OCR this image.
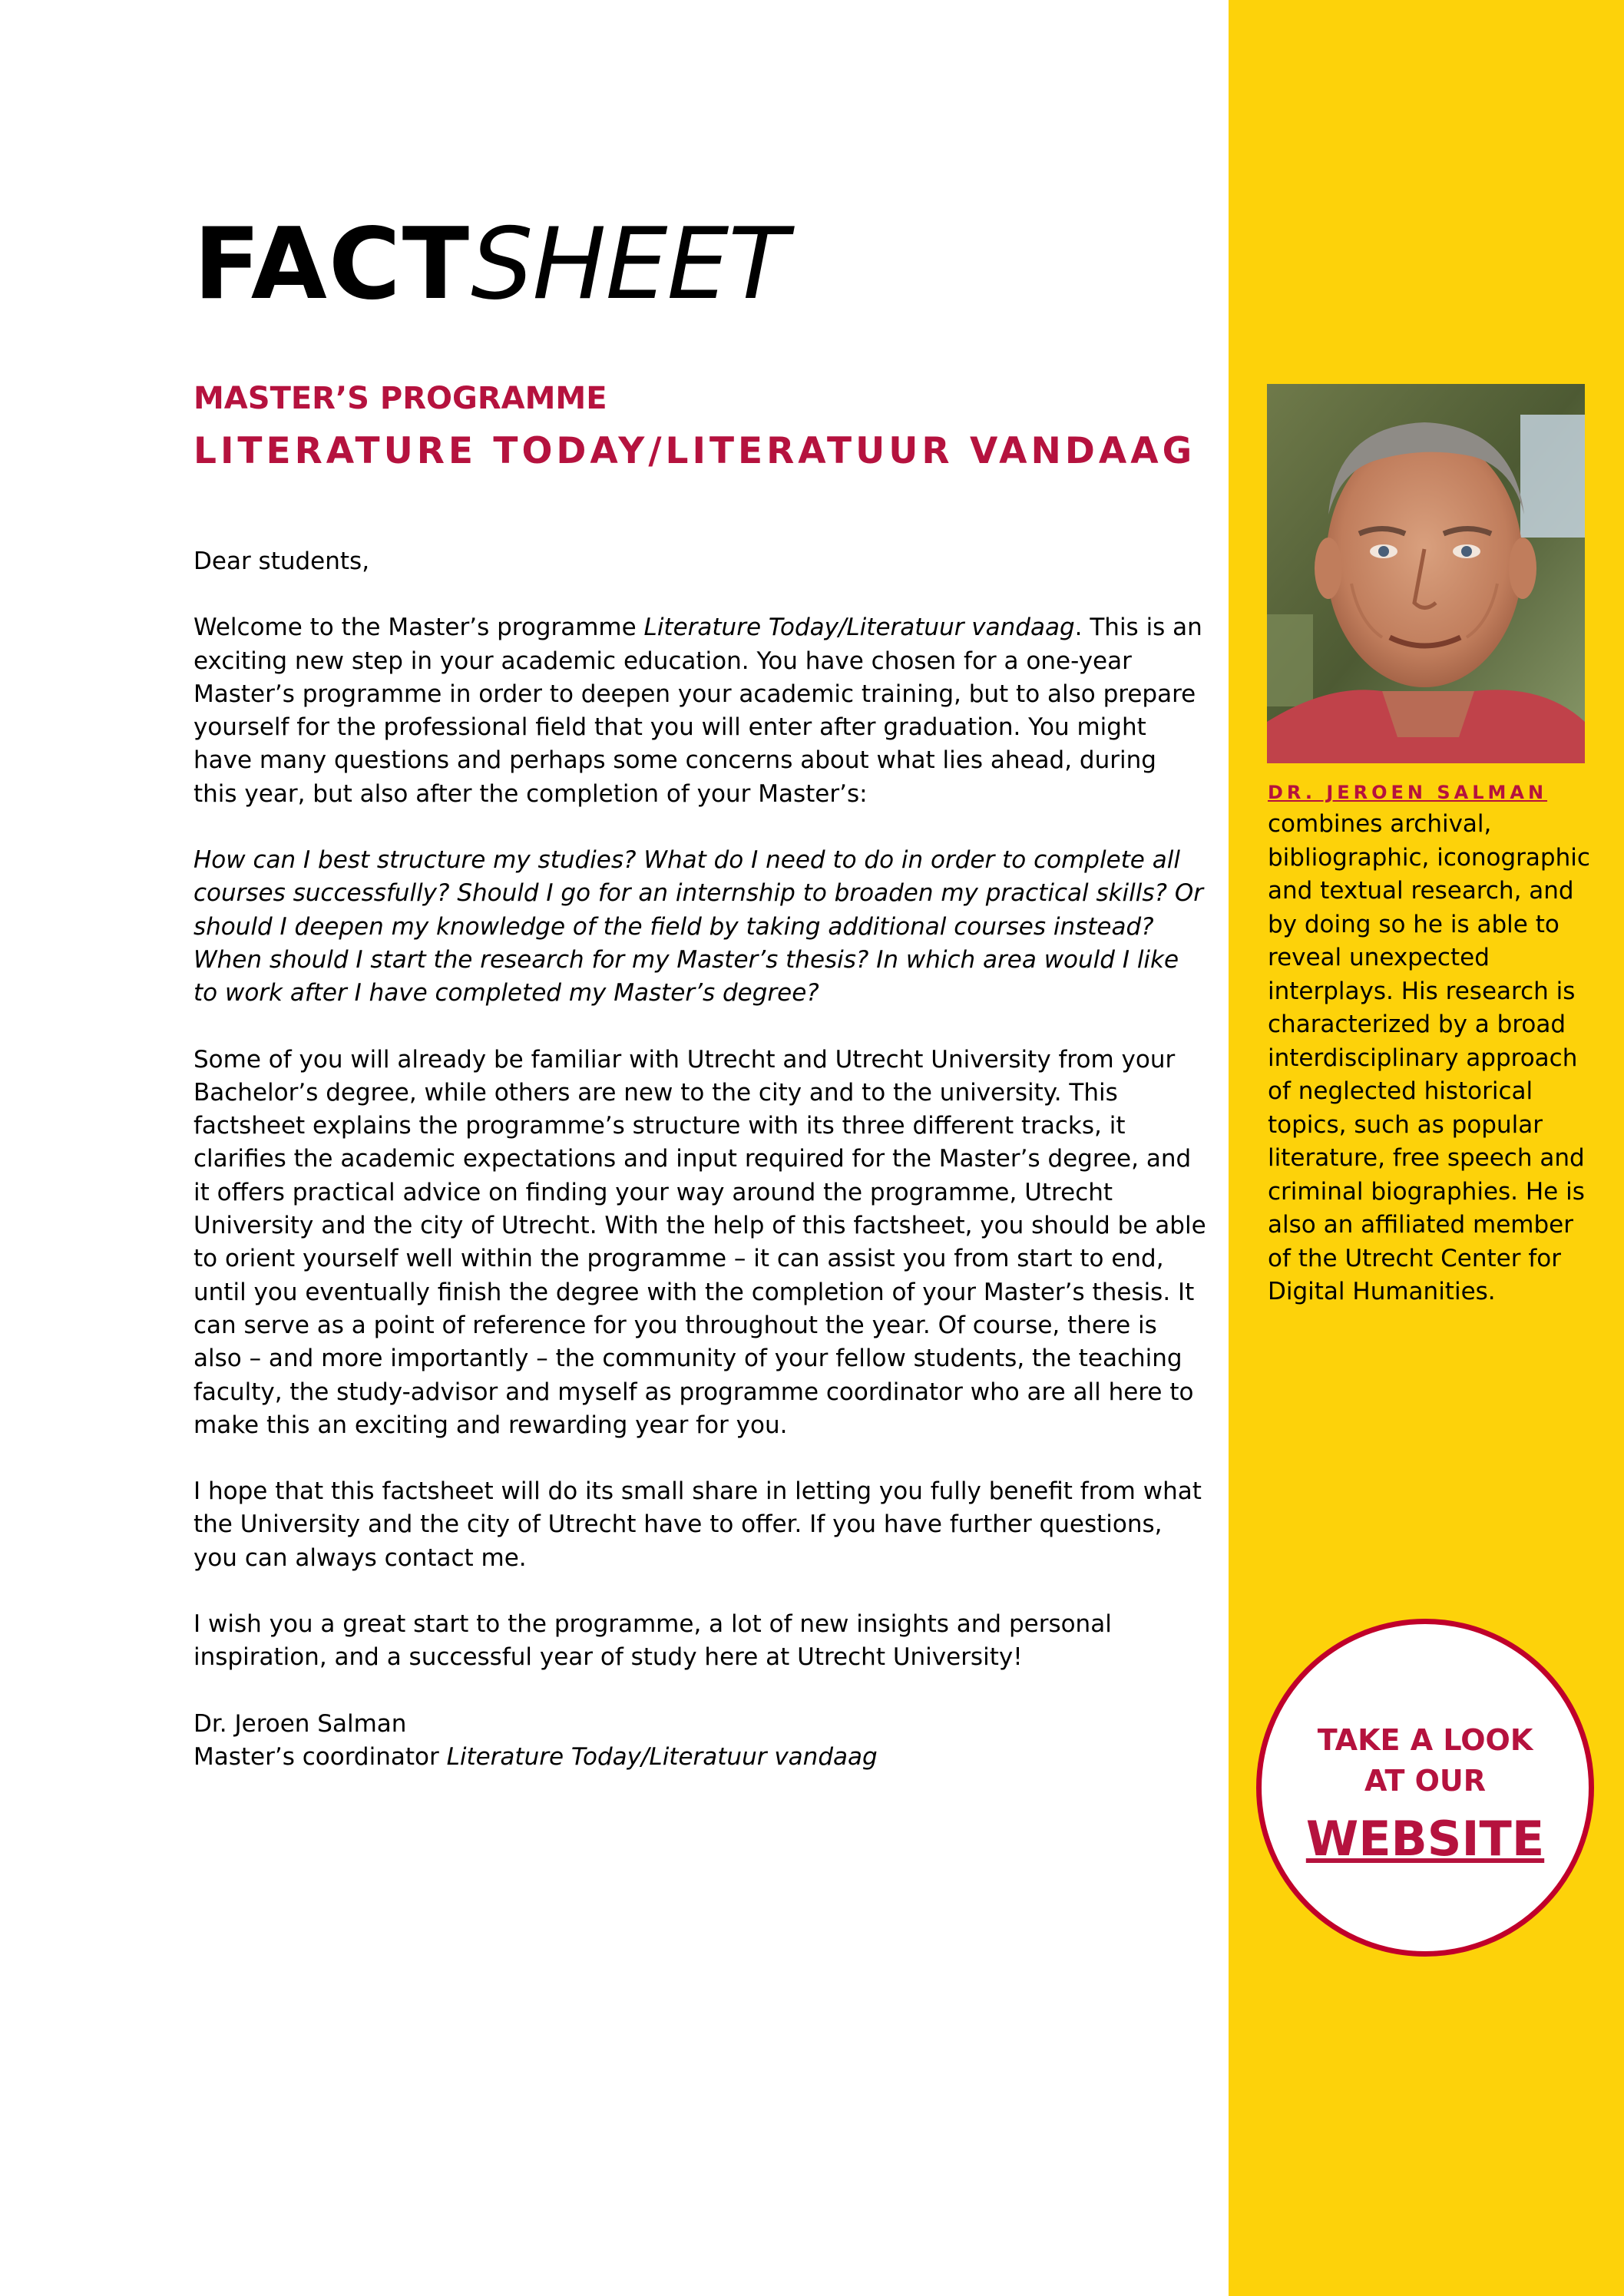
FACTSHEET
MASTER’S PROGRAMME
LITERATURE TODAY/LITERATUUR VANDAAG

Dear students,

Welcome to the Master’s programme Literature Today/Literatuur vandaag. This is an exciting new step in your academic education. You have chosen for a one-year Master’s programme in order to deepen your academic training, but to also prepare yourself for the professional field that you will enter after graduation. You might have many questions and perhaps some concerns about what lies ahead, during this year, but also after the completion of your Master’s:

How can I best structure my studies? What do I need to do in order to complete all courses successfully? Should I go for an internship to broaden my practical skills? Or should I deepen my knowledge of the field by taking additional courses instead? When should I start the research for my Master’s thesis? In which area would I like to work after I have completed my Master’s degree?

Some of you will already be familiar with Utrecht and Utrecht University from your Bachelor’s degree, while others are new to the city and to the university. This factsheet explains the programme’s structure with its three different tracks, it clarifies the academic expectations and input required for the Master’s degree, and it offers practical advice on finding your way around the programme, Utrecht University and the city of Utrecht. With the help of this factsheet, you should be able to orient yourself well within the programme – it can assist you from start to end, until you eventually finish the degree with the completion of your Master’s thesis. It can serve as a point of reference for you throughout the year. Of course, there is also – and more importantly – the community of your fellow students, the teaching faculty, the study-advisor and myself as programme coordinator who are all here to make this an exciting and rewarding year for you.

I hope that this factsheet will do its small share in letting you fully benefit from what the University and the city of Utrecht have to offer. If you have further questions, you can always contact me.

I wish you a great start to the programme, a lot of new insights and personal inspiration, and a successful year of study here at Utrecht University!

Dr. Jeroen Salman
Master’s coordinator Literature Today/Literatuur vandaag

DR. JEROEN SALMAN
combines archival, bibliographic, iconographic and textual research, and by doing so he is able to reveal unexpected interplays. His research is characterized by a broad interdisciplinary approach of neglected historical topics, such as popular literature, free speech and criminal biographies. He is also an affiliated member of the Utrecht Center for Digital Humanities.
TAKE A LOOK
AT OUR
WEBSITE
